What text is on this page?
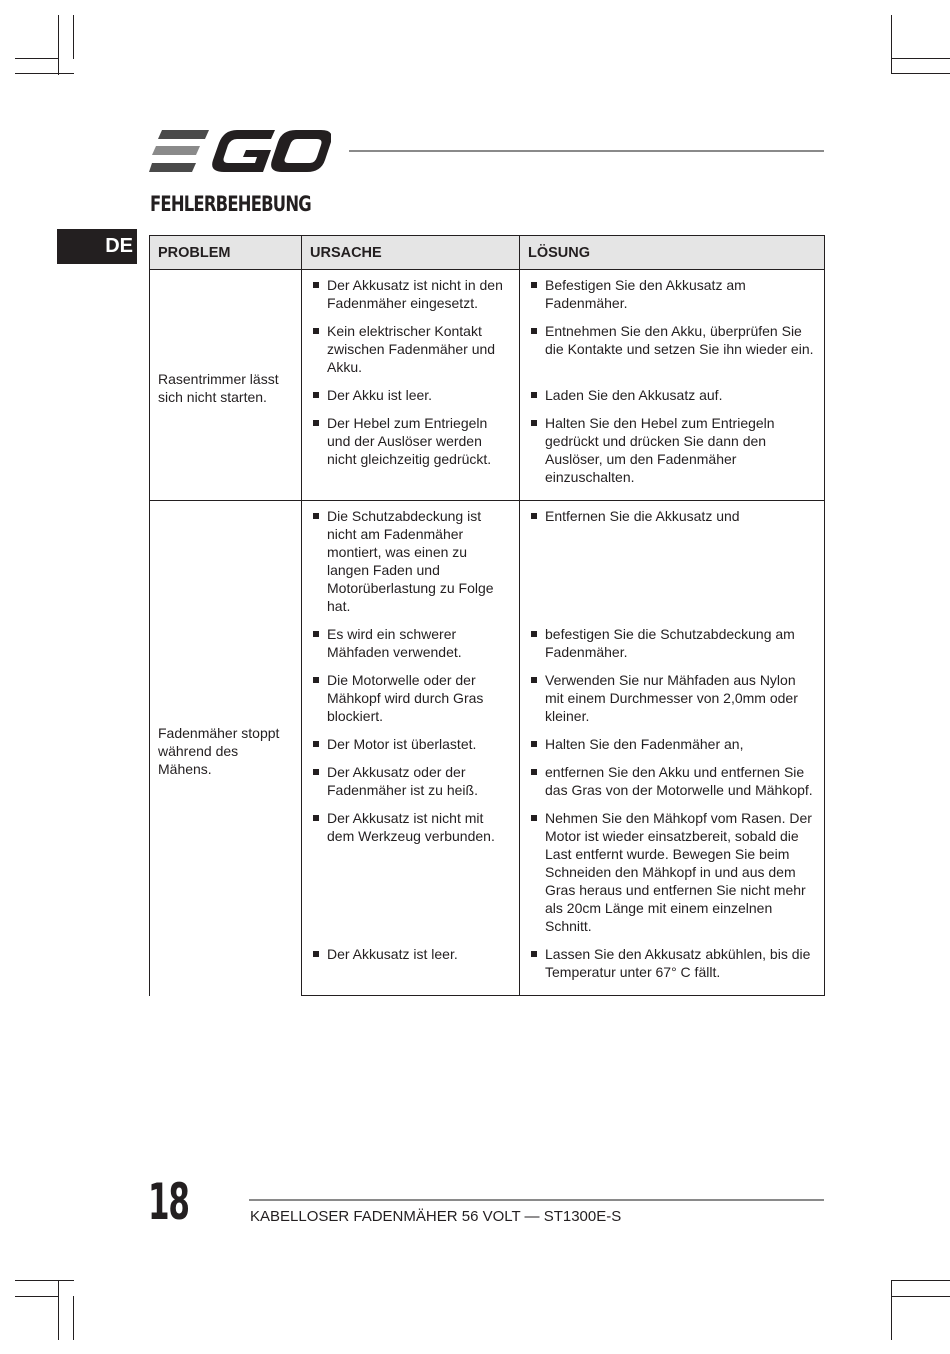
FEHLERBEHEBUNG
DE PROBLEM	URSACHE	LÖSUNG
Rasentrimmer lässt sich nicht starten.	Der Akkusatz ist nicht in den Fadenmäher eingesetzt.	Befestigen Sie den Akkusatz am Fadenmäher.

	Kein elektrischer Kontakt zwischen Fadenmäher und Akku.	Entnehmen Sie den Akku, überprüfen Sie die Kontakte und setzen Sie ihn wieder ein.

	Der Akku ist leer.	Laden Sie den Akkusatz auf.

	Der Hebel zum Entriegeln und der Auslöser werden nicht gleichzeitig gedrückt.	Halten Sie den Hebel zum Entriegeln gedrückt und drücken Sie dann den Auslöser, um den Fadenmäher einzuschalten.

Fadenmäher stoppt während des Mähens.	Die Schutzabdeckung ist nicht am Fadenmäher montiert, was einen zu langen Faden und Motorüberlastung zu Folge hat.	Entfernen Sie die Akkusatz und

	Es wird ein schwerer Mähfaden verwendet.	befestigen Sie die Schutzabdeckung am Fadenmäher.

	Die Motorwelle oder der Mähkopf wird durch Gras blockiert.	Verwenden Sie nur Mähfaden aus Nylon mit einem Durchmesser von 2,0mm oder kleiner.

	Der Motor ist überlastet.	Halten Sie den Fadenmäher an,

	Der Akkusatz oder der Fadenmäher ist zu heiß.	entfernen Sie den Akku und entfernen Sie das Gras von der Motorwelle und Mähkopf.

	Der Akkusatz ist nicht mit dem Werkzeug verbunden.	Nehmen Sie den Mähkopf vom Rasen. Der Motor ist wieder einsatzbereit, sobald die Last entfernt wurde. Bewegen Sie beim Schneiden den Mähkopf in und aus dem Gras heraus und entfernen Sie nicht mehr als 20cm Länge mit einem einzelnen Schnitt.

	Der Akkusatz ist leer.	Lassen Sie den Akkusatz abkühlen, bis die Temperatur unter 67° C fällt.
18	KABELLOSER FADENMÄHER 56 VOLT — ST1300E-S
